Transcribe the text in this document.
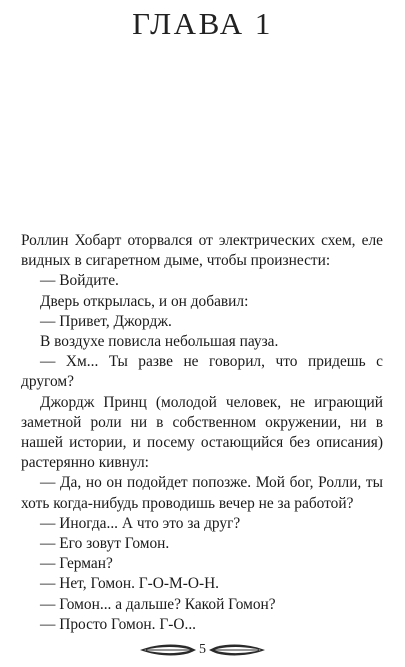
ГЛАВА 1

Роллин Хобарт оторвался от электрических схем, еле видных в сигаретном дыме, чтобы произнести:

— Войдите.

Дверь открылась, и он добавил:

— Привет, Джордж.

В воздухе повисла небольшая пауза.

— Хм... Ты разве не говорил, что придешь с другом?

Джордж Принц (молодой человек, не играющий заметной роли ни в собственном окружении, ни в нашей истории, и посему остающийся без описания) растерянно кивнул:

— Да, но он подойдет попозже. Мой бог, Ролли, ты хоть когда-нибудь проводишь вечер не за работой?

— Иногда... А что это за друг?

— Его зовут Гомон.

— Герман?

— Нет, Гомон. Г-О-М-О-Н.

— Гомон... а дальше? Какой Гомон?

— Просто Гомон. Г-О...

5
